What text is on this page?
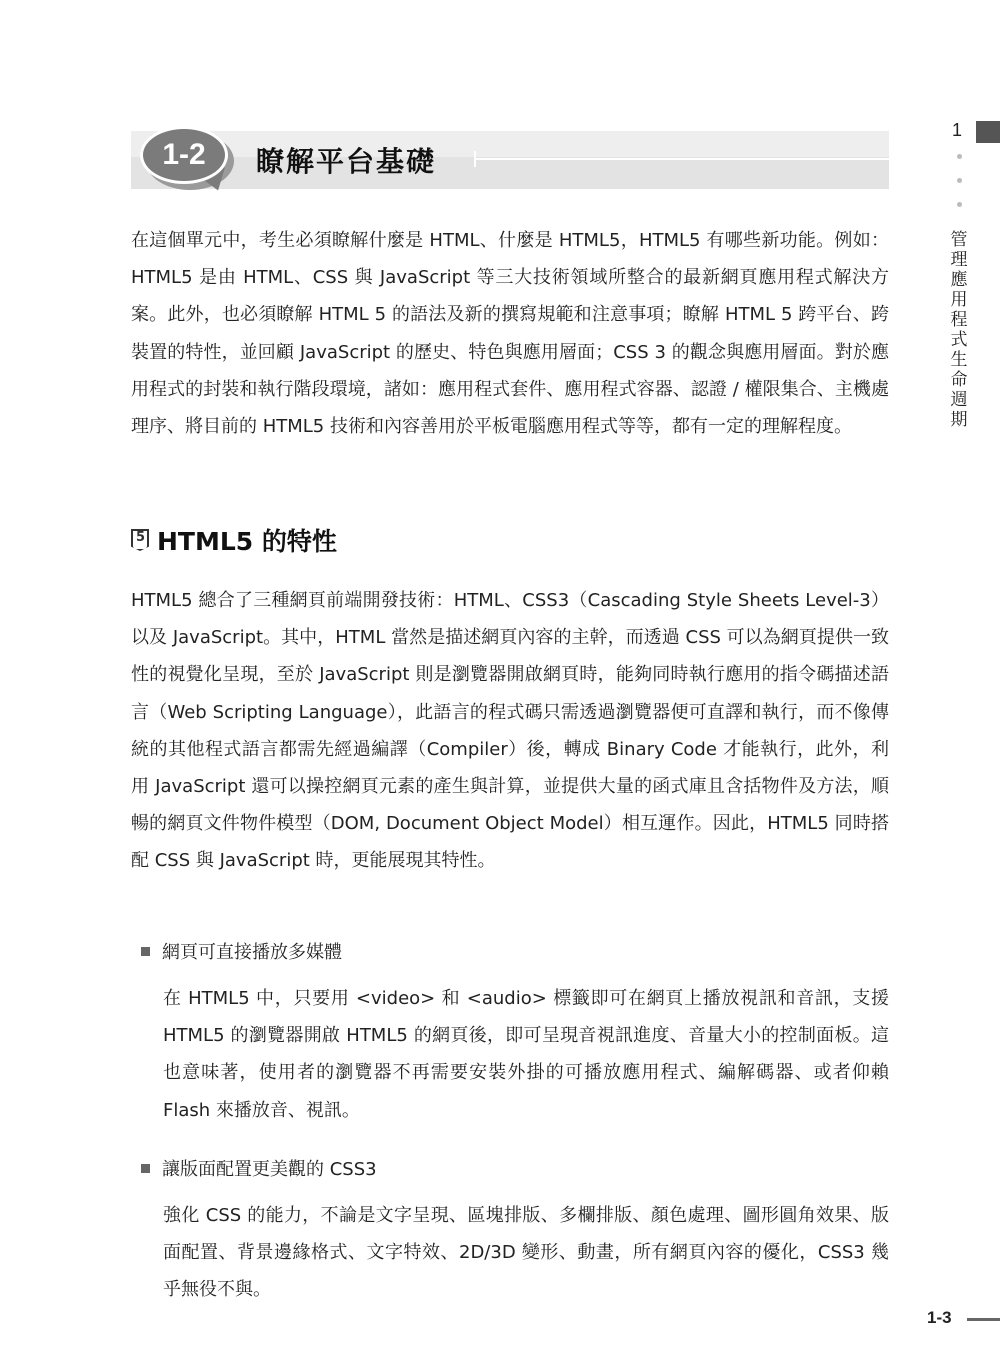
1-2	瞭解平台基礎
1
管理應用程式生命週期

在這個單元中，考生必須瞭解什麼是 HTML、什麼是 HTML5，HTML5 有哪些新功能。例如：HTML5 是由 HTML、CSS 與 JavaScript 等三大技術領域所整合的最新網頁應用程式解決方案。此外，也必須瞭解 HTML 5 的語法及新的撰寫規範和注意事項；瞭解 HTML 5 跨平台、跨裝置的特性，並回顧 JavaScript 的歷史、特色與應用層面；CSS 3 的觀念與應用層面。對於應用程式的封裝和執行階段環境，諸如：應用程式套件、應用程式容器、認證 / 權限集合、主機處理序、將目前的 HTML5 技術和內容善用於平板電腦應用程式等等，都有一定的理解程度。

5
HTML5 的特性

HTML5 總合了三種網頁前端開發技術：HTML、CSS3（Cascading Style Sheets Level-3）以及 JavaScript。其中，HTML 當然是描述網頁內容的主幹，而透過 CSS 可以為網頁提供一致性的視覺化呈現，至於 JavaScript 則是瀏覽器開啟網頁時，能夠同時執行應用的指令碼描述語言（Web Scripting Language），此語言的程式碼只需透過瀏覽器便可直譯和執行，而不像傳統的其他程式語言都需先經過編譯（Compiler）後，轉成 Binary Code 才能執行，此外，利用 JavaScript 還可以操控網頁元素的產生與計算，並提供大量的函式庫且含括物件及方法，順暢的網頁文件物件模型（DOM, Document Object Model）相互運作。因此，HTML5 同時搭配 CSS 與 JavaScript 時，更能展現其特性。

網頁可直接播放多媒體

在 HTML5 中，只要用 <video> 和 <audio> 標籤即可在網頁上播放視訊和音訊，支援 HTML5 的瀏覽器開啟 HTML5 的網頁後，即可呈現音視訊進度、音量大小的控制面板。這也意味著，使用者的瀏覽器不再需要安裝外掛的可播放應用程式、編解碼器、或者仰賴 Flash 來播放音、視訊。

讓版面配置更美觀的 CSS3

強化 CSS 的能力，不論是文字呈現、區塊排版、多欄排版、顏色處理、圖形圓角效果、版面配置、背景邊緣格式、文字特效、2D/3D 變形、動畫，所有網頁內容的優化，CSS3 幾乎無役不與。

1-3
